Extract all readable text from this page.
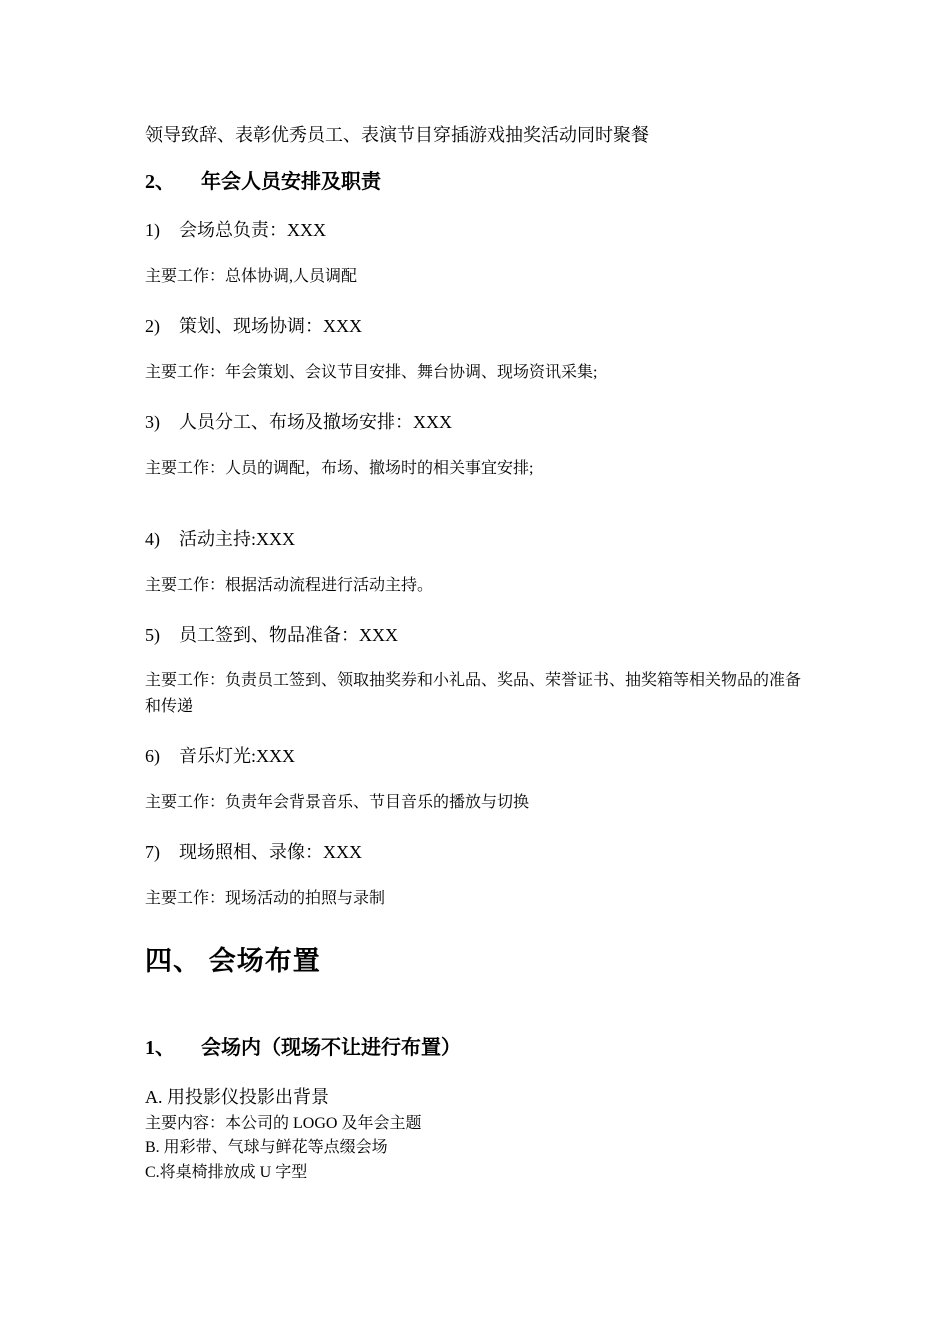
领导致辞、表彰优秀员工、表演节目穿插游戏抽奖活动同时聚餐
2、 年会人员安排及职责
1) 会场总负责：XXX
主要工作：总体协调,人员调配
2) 策划、现场协调：XXX
主要工作：年会策划、会议节目安排、舞台协调、现场资讯采集;
3) 人员分工、布场及撤场安排：XXX
主要工作：人员的调配，布场、撤场时的相关事宜安排;
4) 活动主持:XXX
主要工作：根据活动流程进行活动主持。
5) 员工签到、物品准备：XXX
主要工作：负责员工签到、领取抽奖券和小礼品、奖品、荣誉证书、抽奖箱等相关物品的准备和传递
6) 音乐灯光:XXX
主要工作：负责年会背景音乐、节目音乐的播放与切换
7) 现场照相、录像：XXX
主要工作：现场活动的拍照与录制
四、 会场布置
1、 会场内（现场不让进行布置）
A. 用投影仪投影出背景
主要内容：本公司的 LOGO 及年会主题
B. 用彩带、气球与鲜花等点缀会场
C.将桌椅排放成 U 字型
